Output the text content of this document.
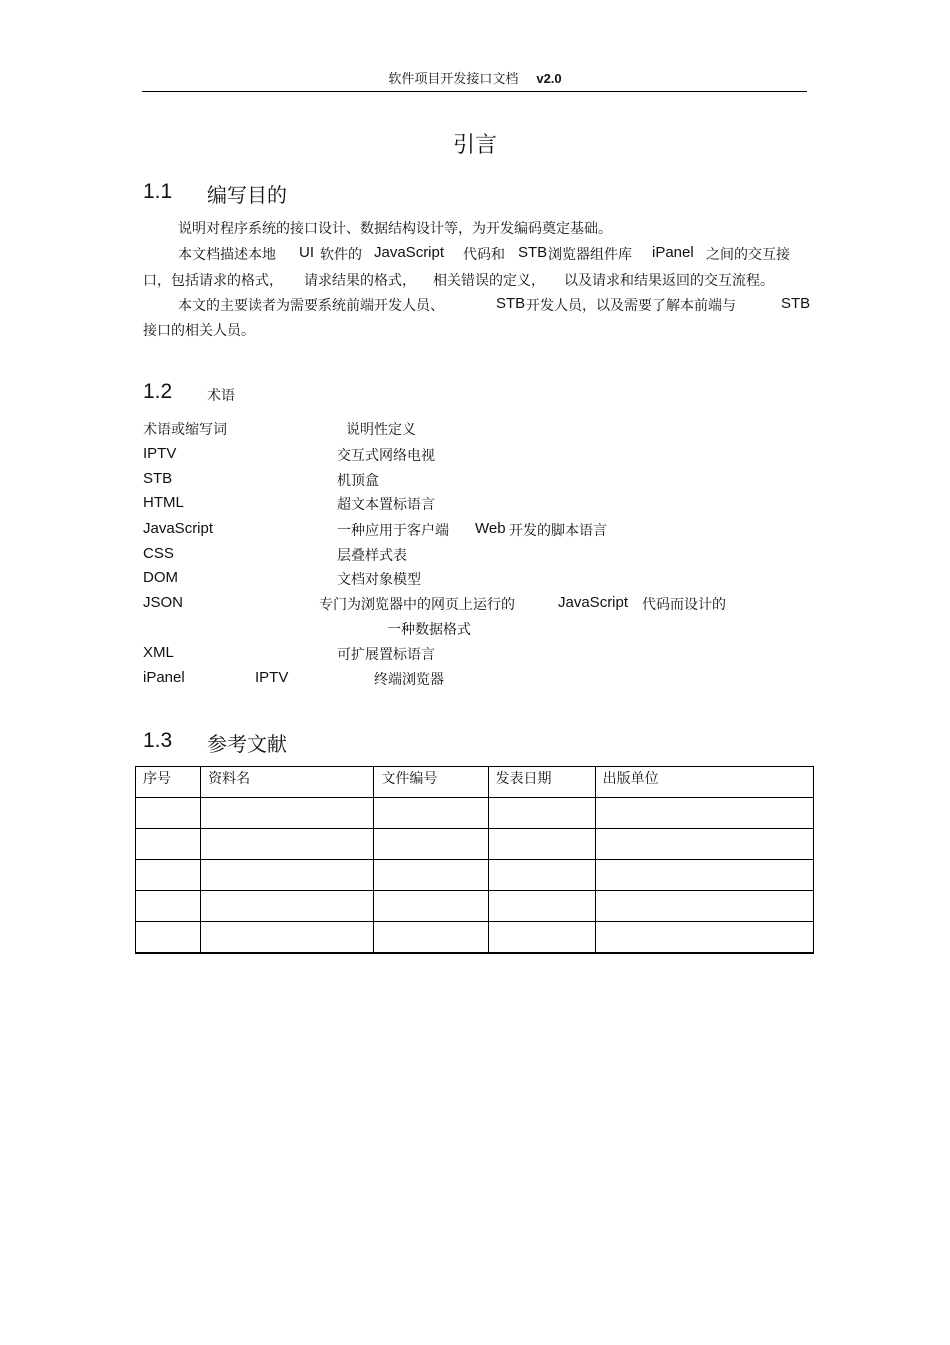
软件项目开发接口文档 v2.0
引言
1.1 编写目的
说明对程序系统的接口设计、数据结构设计等，为开发编码奠定基础。
本文档描述本地 UI 软件的 JavaScript 代码和 STB 浏览器组件库 iPanel 之间的交互接
口，包括请求的格式， 请求结果的格式， 相关错误的定义， 以及请求和结果返回的交互流程。
本文的主要读者为需要系统前端开发人员、	STB 开发人员，以及需要了解本前端与	STB
接口的相关人员。
1.2 术语
术语或缩写词	说明性定义
IPTV	交互式网络电视
STB	机顶盒
HTML	超文本置标语言
JavaScript	一种应用于客户端 Web 开发的脚本语言
CSS	层叠样式表
DOM	文档对象模型
JSON	专门为浏览器中的网页上运行的	JavaScript 代码而设计的
一种数据格式
XML	可扩展置标语言
iPanel	IPTV	终端浏览器
1.3 参考文献
序号	资料名	文件编号	发表日期	出版单位
